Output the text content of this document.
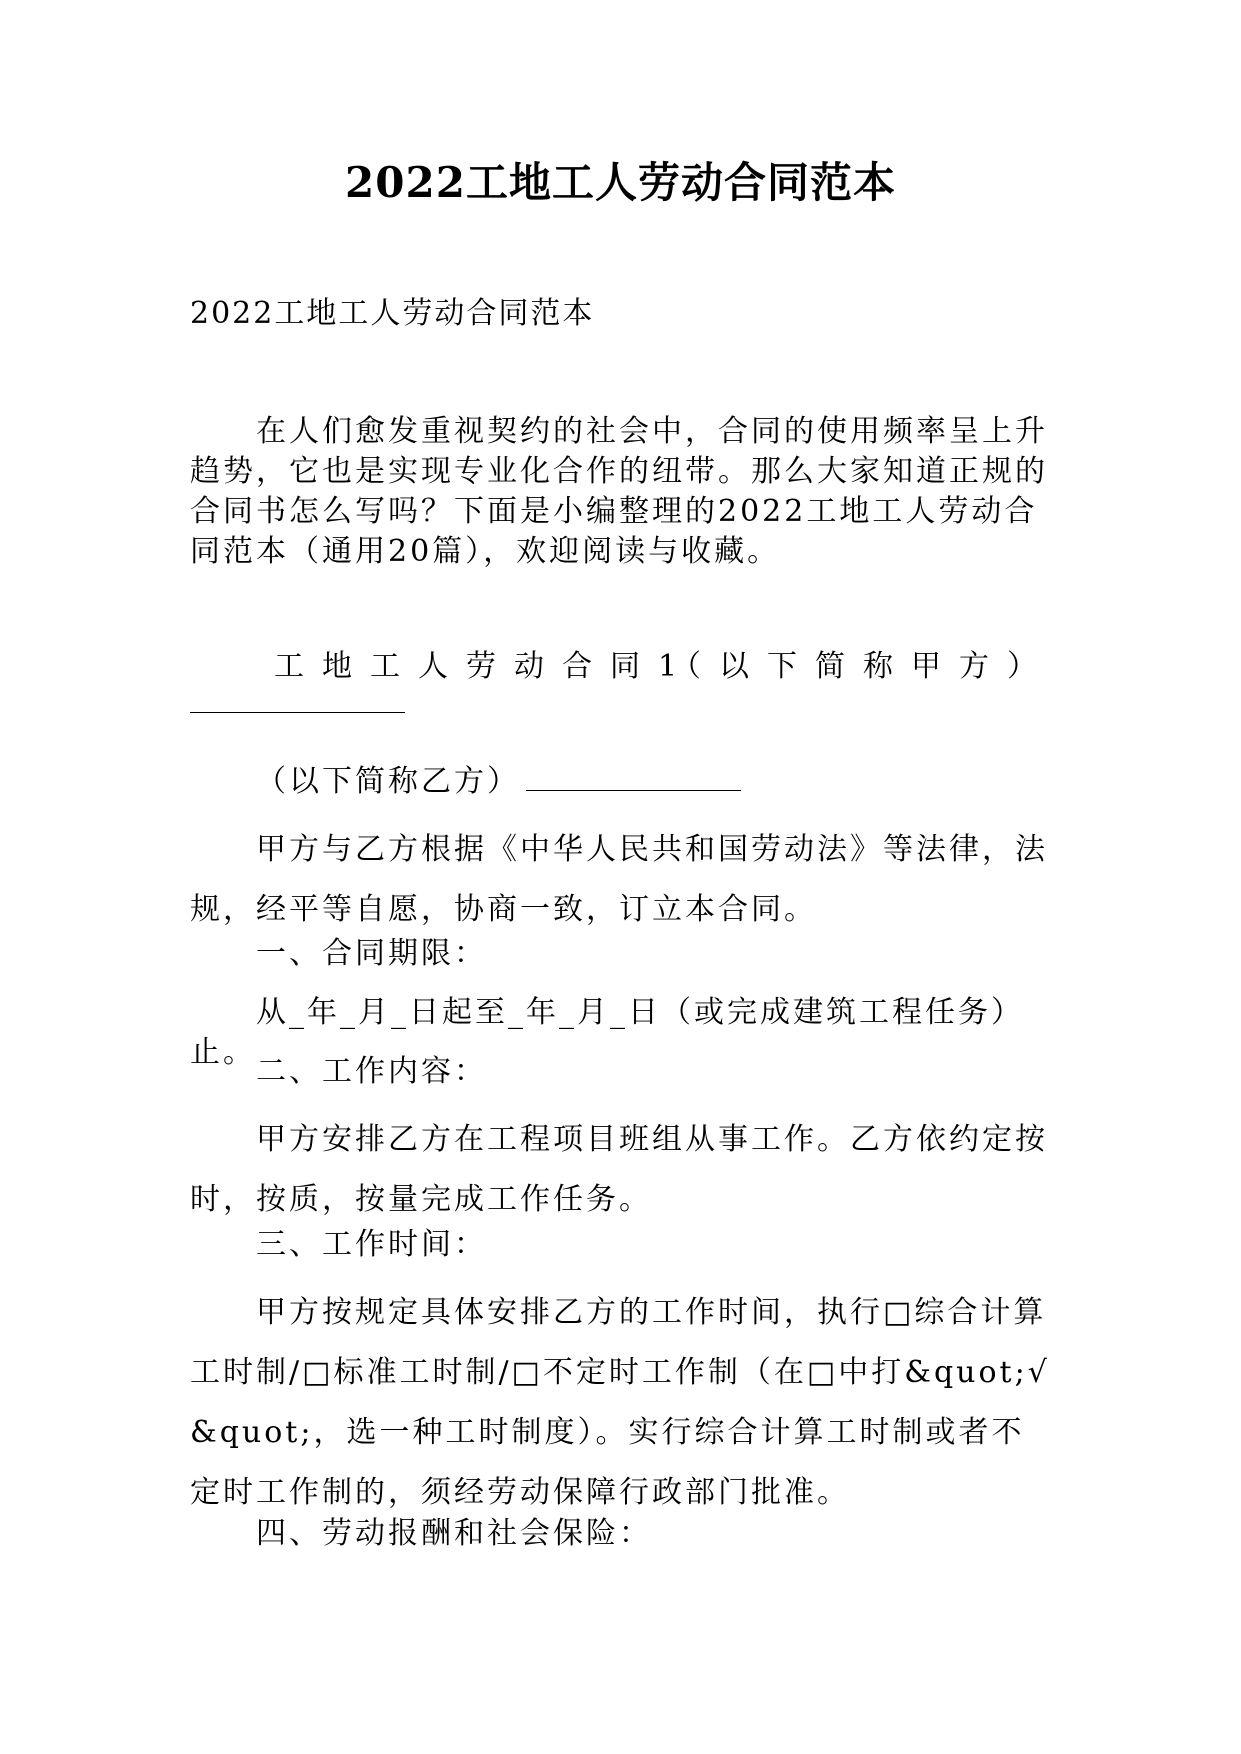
2022工地工人劳动合同范本
2022工地工人劳动合同范本
在人们愈发重视契约的社会中，合同的使用频率呈上升趋势，它也是实现专业化合作的纽带。那么大家知道正规的合同书怎么写吗？下面是小编整理的2022工地工人劳动合同范本（通用20篇），欢迎阅读与收藏。
工地工人劳动合同1
（以下简称甲方）
（以下简称乙方）
甲方与乙方根据《中华人民共和国劳动法》等法律，法规，经平等自愿，协商一致，订立本合同。
一、合同期限：
从_年_月_日起至_年_月_日（或完成建筑工程任务）止。
二、工作内容：
甲方安排乙方在工程项目班组从事工作。乙方依约定按时，按质，按量完成工作任务。
三、工作时间：
甲方按规定具体安排乙方的工作时间，执行□综合计算工时制/□标准工时制/□不定时工作制（在□中打&quot;√&quot;，选一种工时制度）。实行综合计算工时制或者不定时工作制的，须经劳动保障行政部门批准。
四、劳动报酬和社会保险：
